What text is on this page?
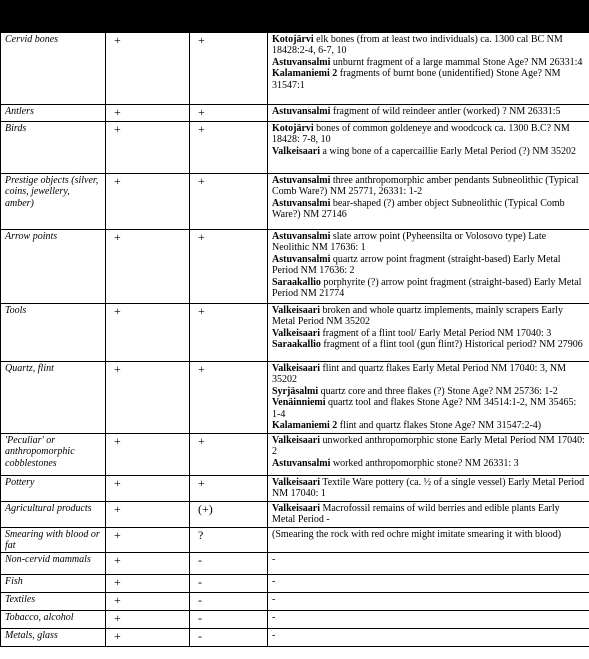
Cervid bones	+	+	Kotojärvi elk bones (from at least two individuals) ca. 1300 cal BC NM 18428:2-4, 6-7, 10
Astuvansalmi unburnt fragment of a large mammal Stone Age? NM 26331:4
Kalamaniemi 2 fragments of burnt bone (unidentified) Stone Age? NM 31547:1

Antlers	+	+	Astuvansalmi fragment of wild reindeer antler (worked) ? NM 26331:5

Birds	+	+	Kotojärvi bones of common goldeneye and woodcock ca. 1300 B.C? NM 18428: 7-8, 10
Valkeisaari a wing bone of a capercaillie Early Metal Period (?) NM 35202

Prestige objects (silver, coins, jewellery, amber)	+	+	Astuvansalmi three anthropomorphic amber pendants Subneolithic (Typical Comb Ware?) NM 25771, 26331: 1-2
Astuvansalmi bear-shaped (?) amber object Subneolithic (Typical Comb Ware?) NM 27146

Arrow points	+	+	Astuvansalmi slate arrow point (Pyheensilta or Volosovo type) Late Neolithic NM 17636: 1
Astuvansalmi quartz arrow point fragment (straight-based) Early Metal Period NM 17636: 2
Saraakallio porphyrite (?) arrow point fragment (straight-based) Early Metal Period NM 21774

Tools	+	+	Valkeisaari broken and whole quartz implements, mainly scrapers Early Metal Period NM 35202
Valkeisaari fragment of a flint tool/ Early Metal Period NM 17040: 3
Saraakallio fragment of a flint tool (gun flint?) Historical period? NM 27906

Quartz, flint	+	+	Valkeisaari flint and quartz flakes Early Metal Period NM 17040: 3, NM 35202
Syrjäsalmi quartz core and three flakes (?) Stone Age? NM 25736: 1-2
Venäinniemi quartz tool and flakes Stone Age? NM 34514:1-2, NM 35465: 1-4
Kalamaniemi 2 flint and quartz flakes Stone Age? NM 31547:2-4)

'Peculiar' or anthropomorphic cobblestones	+	+	Valkeisaari unworked anthropomorphic stone Early Metal Period NM 17040: 2
Astuvansalmi worked anthropomorphic stone? NM 26331: 3

Pottery	+	+	Valkeisaari Textile Ware pottery (ca. ½ of a single vessel) Early Metal Period NM 17040: 1

Agricultural products	+	(+)	Valkeisaari Macrofossil remains of wild berries and edible plants Early Metal Period -

Smearing with blood or fat	+	?	(Smearing the rock with red ochre might imitate smearing it with blood)

Non-cervid mammals	+	-	-

Fish	+	-	-

Textiles	+	-	-

Tobacco, alcohol	+	-	-

Metals, glass	+	-	-
